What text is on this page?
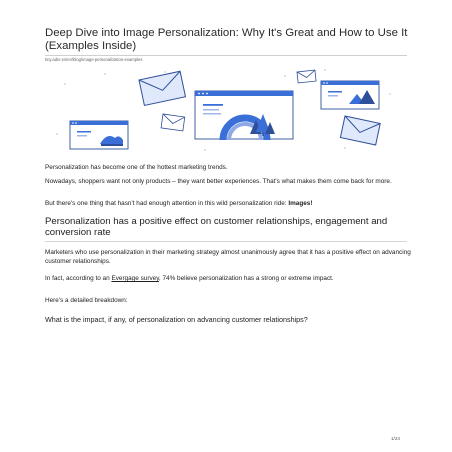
Deep Dive into Image Personalization: Why It's Great and How to Use It (Examples Inside)
tiny.adnr.es/en/blog/image-personalization-examples

Personalization has become one of the hottest marketing trends.

Nowadays, shoppers want not only products – they want better experiences. That's what makes them come back for more.

But there's one thing that hasn't had enough attention in this wild personalization ride: Images!

Personalization has a positive effect on customer relationships, engagement and conversion rate

Marketers who use personalization in their marketing strategy almost unanimously agree that it has a positive effect on advancing customer relationships.

In fact, according to an Evergage survey, 74% believe personalization has a strong or extreme impact.

Here's a detailed breakdown:

What is the impact, if any, of personalization on advancing customer relationships?

1/24
